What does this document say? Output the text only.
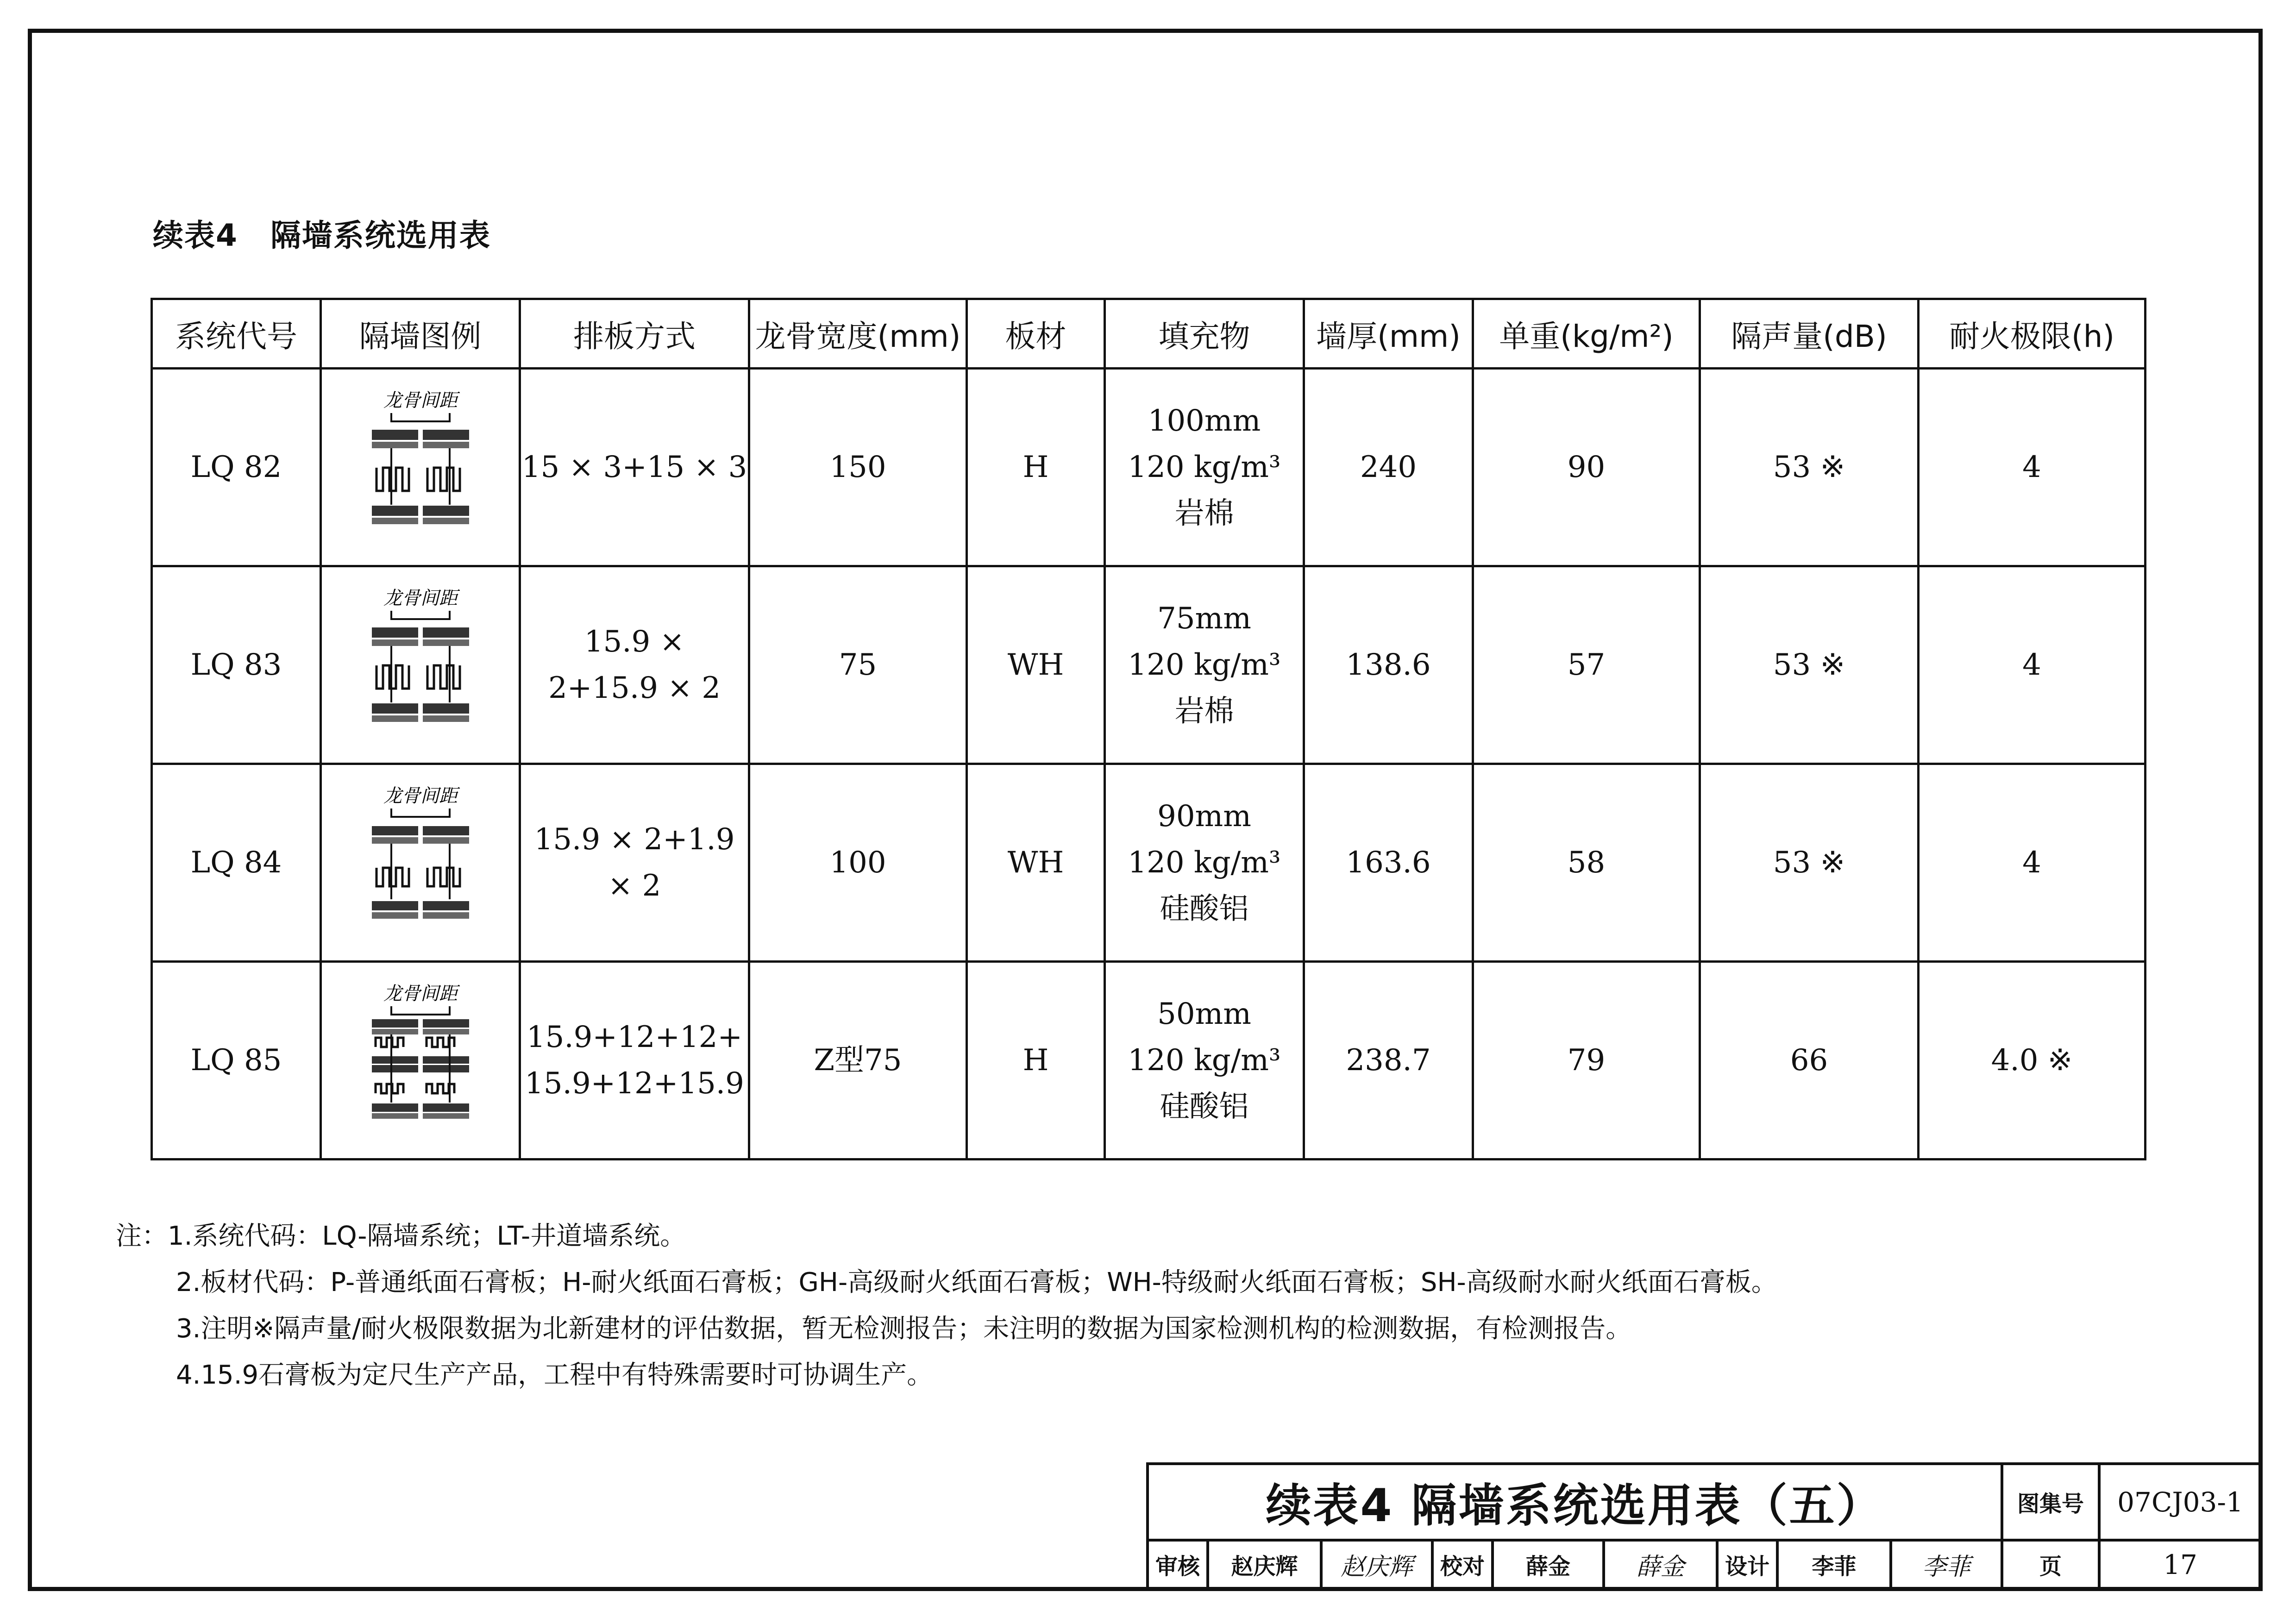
续表4 隔墙系统选用表
系统代号	隔墙图例	排板方式	龙骨宽度(mm)	板材	填充物	墙厚(mm)	单重(kg/m²)	隔声量(dB)	耐火极限(h)
LQ 82	龙骨间距	15 × 3+15 × 3	150	H	100mm
120 kg/m³
岩棉	240	90	53 ※	4
LQ 83	龙骨间距	15.9 ×
2+15.9 × 2	75	WH	75mm
120 kg/m³
岩棉	138.6	57	53 ※	4
LQ 84	龙骨间距	15.9 × 2+1.9
× 2	100	WH	90mm
120 kg/m³
硅酸铝	163.6	58	53 ※	4
LQ 85	龙骨间距	15.9+12+12+
15.9+12+15.9	Z型75	H	50mm
120 kg/m³
硅酸铝	238.7	79	66	4.0 ※
注：1.系统代码：LQ-隔墙系统；LT-井道墙系统。
2.板材代码：P-普通纸面石膏板；H-耐火纸面石膏板；GH-高级耐火纸面石膏板；WH-特级耐火纸面石膏板；SH-高级耐水耐火纸面石膏板。
3.注明※隔声量/耐火极限数据为北新建材的评估数据，暂无检测报告；未注明的数据为国家检测机构的检测数据，有检测报告。
4.15.9石膏板为定尺生产产品，工程中有特殊需要时可协调生产。
续表4 隔墙系统选用表（五）									图集号	07CJ03-1
审核	赵庆辉	赵庆辉	校对	薛金	薛金	设计	李菲	李菲	页	17
